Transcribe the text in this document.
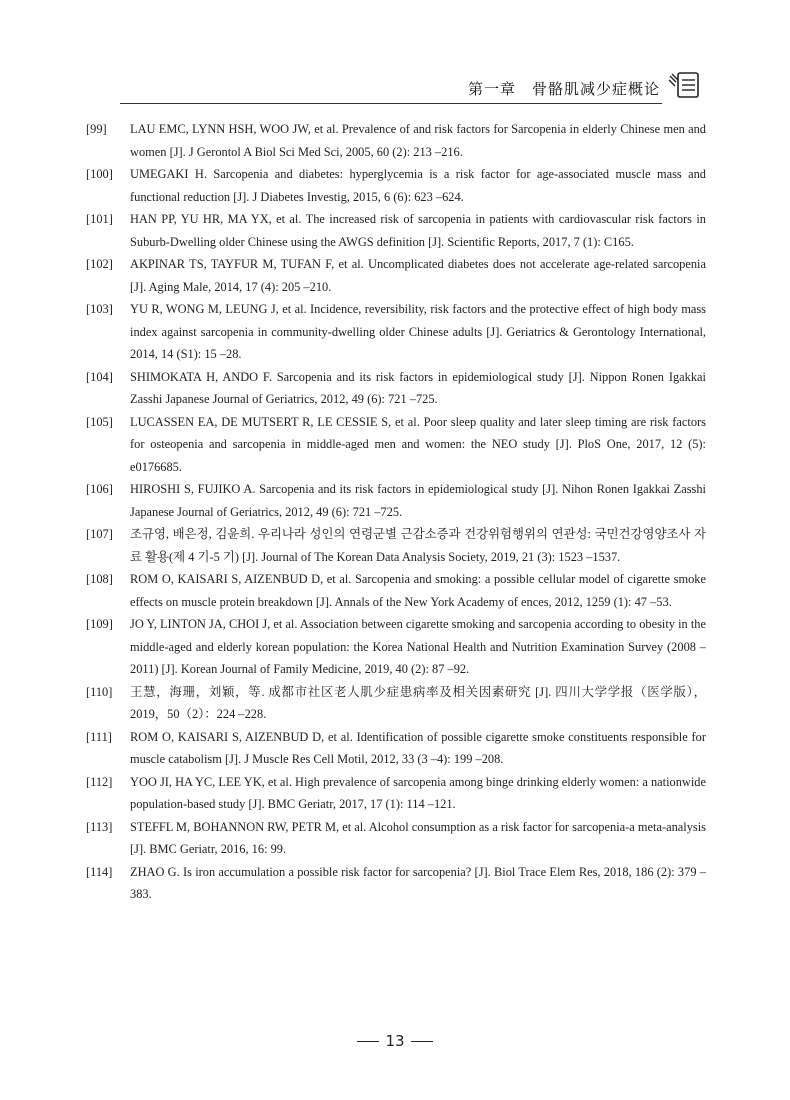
第一章　骨骼肌减少症概论

[99] LAU EMC, LYNN HSH, WOO JW, et al. Prevalence of and risk factors for Sarcopenia in elderly Chinese men and women [J]. J Gerontol A Biol Sci Med Sci, 2005, 60 (2): 213 –216.

[100] UMEGAKI H. Sarcopenia and diabetes: hyperglycemia is a risk factor for age-associated muscle mass and functional reduction [J]. J Diabetes Investig, 2015, 6 (6): 623 –624.

[101] HAN PP, YU HR, MA YX, et al. The increased risk of sarcopenia in patients with cardiovascular risk factors in Suburb-Dwelling older Chinese using the AWGS definition [J]. Scientific Reports, 2017, 7 (1): C165.

[102] AKPINAR TS, TAYFUR M, TUFAN F, et al. Uncomplicated diabetes does not accelerate age-related sarcopenia [J]. Aging Male, 2014, 17 (4): 205 –210.

[103] YU R, WONG M, LEUNG J, et al. Incidence, reversibility, risk factors and the protective effect of high body mass index against sarcopenia in community-dwelling older Chinese adults [J]. Geriatrics & Gerontology International, 2014, 14 (S1): 15 –28.

[104] SHIMOKATA H, ANDO F. Sarcopenia and its risk factors in epidemiological study [J]. Nippon Ronen Igakkai Zasshi Japanese Journal of Geriatrics, 2012, 49 (6): 721 –725.

[105] LUCASSEN EA, DE MUTSERT R, LE CESSIE S, et al. Poor sleep quality and later sleep timing are risk factors for osteopenia and sarcopenia in middle-aged men and women: the NEO study [J]. PloS One, 2017, 12 (5): e0176685.

[106] HIROSHI S, FUJIKO A. Sarcopenia and its risk factors in epidemiological study [J]. Nihon Ronen Igakkai Zasshi Japanese Journal of Geriatrics, 2012, 49 (6): 721 –725.

[107] 조규영, 배은정, 김윤희. 우리나라 성인의 연령군별 근감소증과 건강위험행위의 연관성: 국민건강영양조사 자료 활용(제 4 기-5 기) [J]. Journal of The Korean Data Analysis Society, 2019, 21 (3): 1523 –1537.

[108] ROM O, KAISARI S, AIZENBUD D, et al. Sarcopenia and smoking: a possible cellular model of cigarette smoke effects on muscle protein breakdown [J]. Annals of the New York Academy of ences, 2012, 1259 (1): 47 –53.

[109] JO Y, LINTON JA, CHOI J, et al. Association between cigarette smoking and sarcopenia according to obesity in the middle-aged and elderly korean population: the Korea National Health and Nutrition Examination Survey (2008 –2011) [J]. Korean Journal of Family Medicine, 2019, 40 (2): 87 –92.

[110] 王慧，海珊，刘颖，等. 成都市社区老人肌少症患病率及相关因素研究 [J]. 四川大学学报（医学版），2019，50（2）：224 –228.

[111] ROM O, KAISARI S, AIZENBUD D, et al. Identification of possible cigarette smoke constituents responsible for muscle catabolism [J]. J Muscle Res Cell Motil, 2012, 33 (3 –4): 199 –208.

[112] YOO JI, HA YC, LEE YK, et al. High prevalence of sarcopenia among binge drinking elderly women: a nationwide population-based study [J]. BMC Geriatr, 2017, 17 (1): 114 –121.

[113] STEFFL M, BOHANNON RW, PETR M, et al. Alcohol consumption as a risk factor for sarcopenia-a meta-analysis [J]. BMC Geriatr, 2016, 16: 99.

[114] ZHAO G. Is iron accumulation a possible risk factor for sarcopenia? [J]. Biol Trace Elem Res, 2018, 186 (2): 379 –383.

13
